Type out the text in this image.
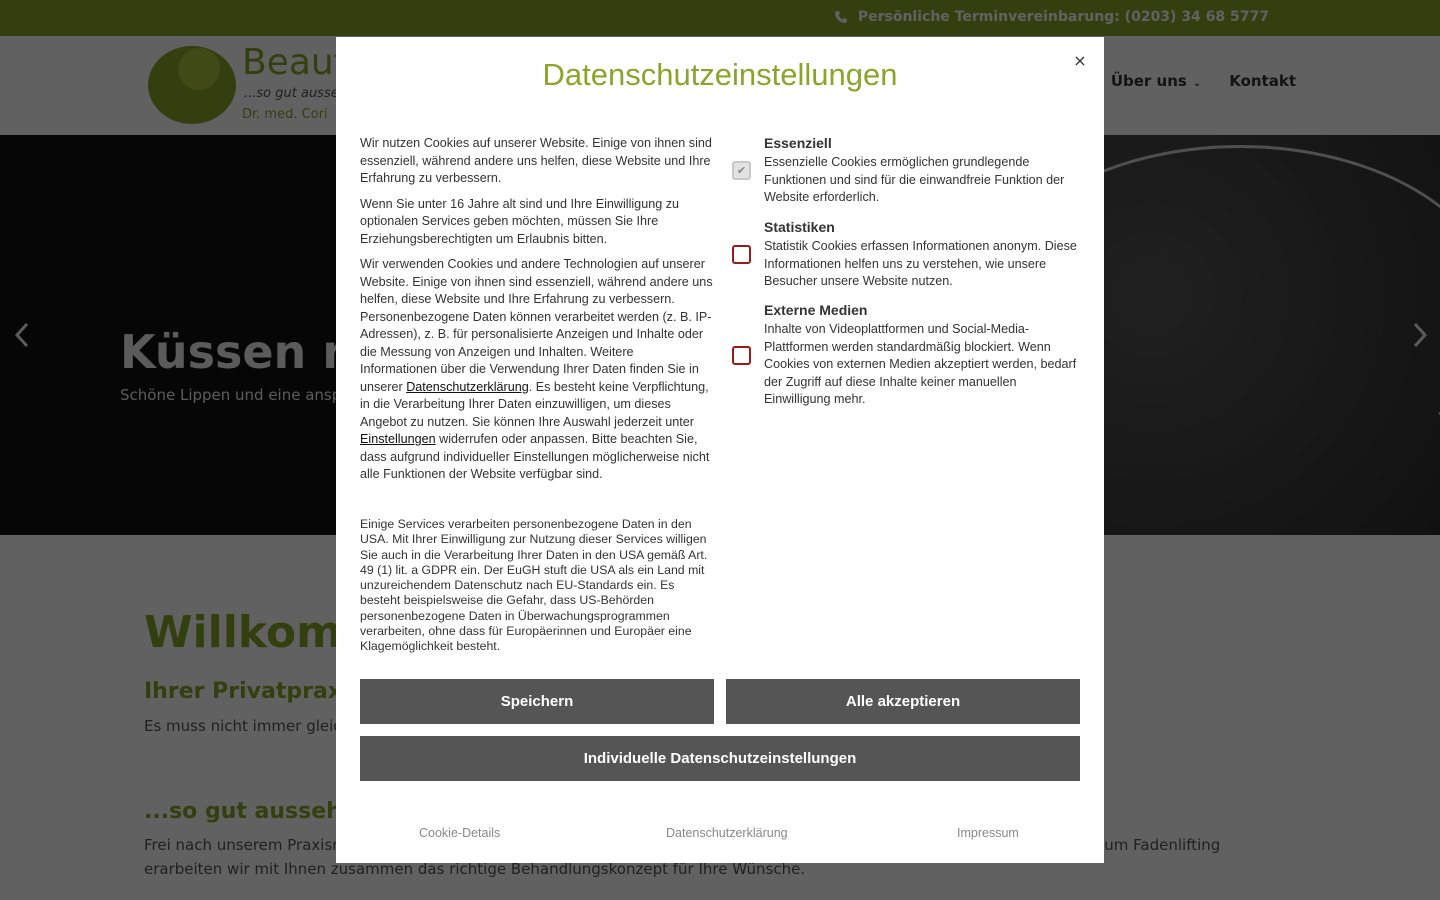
Datenschutzeinstellungen	×

Wir nutzen Cookies auf unserer Website. Einige von ihnen sind essenziell, während andere uns helfen, diese Website und Ihre Erfahrung zu verbessern.

Wenn Sie unter 16 Jahre alt sind und Ihre Einwilligung zu optionalen Services geben möchten, müssen Sie Ihre Erziehungsberechtigten um Erlaubnis bitten.

Wir verwenden Cookies und andere Technologien auf unserer Website. Einige von ihnen sind essenziell, während andere uns helfen, diese Website und Ihre Erfahrung zu verbessern. Personenbezogene Daten können verarbeitet werden (z. B. IP-Adressen), z. B. für personalisierte Anzeigen und Inhalte oder die Messung von Anzeigen und Inhalten. Weitere Informationen über die Verwendung Ihrer Daten finden Sie in unserer Datenschutzerklärung. Es besteht keine Verpflichtung, in die Verarbeitung Ihrer Daten einzuwilligen, um dieses Angebot zu nutzen. Sie können Ihre Auswahl jederzeit unter Einstellungen widerrufen oder anpassen. Bitte beachten Sie, dass aufgrund individueller Einstellungen möglicherweise nicht alle Funktionen der Website verfügbar sind.

Einige Services verarbeiten personenbezogene Daten in den USA. Mit Ihrer Einwilligung zur Nutzung dieser Services willigen Sie auch in die Verarbeitung Ihrer Daten in den USA gemäß Art. 49 (1) lit. a GDPR ein. Der EuGH stuft die USA als ein Land mit unzureichendem Datenschutz nach EU-Standards ein. Es besteht beispielsweise die Gefahr, dass US-Behörden personenbezogene Daten in Überwachungsprogrammen verarbeiten, ohne dass für Europäerinnen und Europäer eine Klagemöglichkeit besteht.
✔
Essenziell
Essenzielle Cookies ermöglichen grundlegende Funktionen und sind für die einwandfreie Funktion der Website erforderlich.
Statistiken
Statistik Cookies erfassen Informationen anonym. Diese Informationen helfen uns zu verstehen, wie unsere Besucher unsere Website nutzen.
Externe Medien
Inhalte von Videoplattformen und Social-Media-Plattformen werden standardmäßig blockiert. Wenn Cookies von externen Medien akzeptiert werden, bedarf der Zugriff auf diese Inhalte keiner manuellen Einwilligung mehr.
Speichern	Alle akzeptieren
Individuelle Datenschutzeinstellungen
Cookie-Details	Datenschutzerklärung	Impressum
